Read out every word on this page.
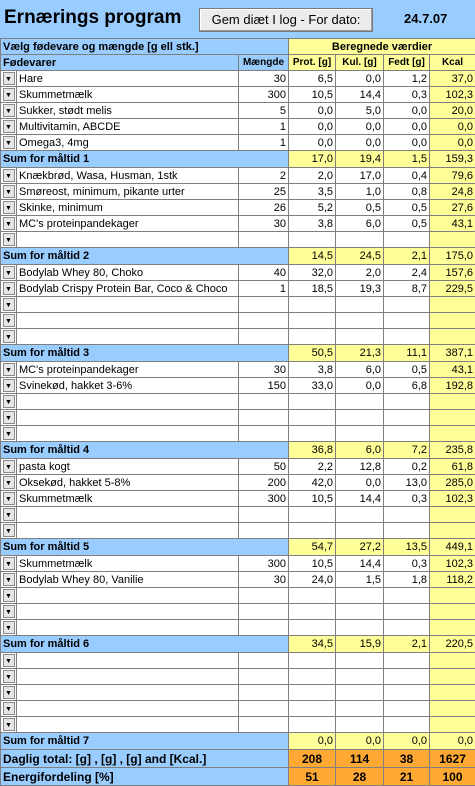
Ernærings program	Gem diæt I log - For dato:	24.7.07
Vælg fødevare og mængde [g ell stk.]			Beregnede værdier			
Fødevarer		Mængde	Prot. [g]	Kul. [g]	Fedt [g]	Kcal

▼	Hare	30	6,5	0,0	1,2	37,0

▼	Skummetmælk	300	10,5	14,4	0,3	102,3

▼	Sukker, stødt melis	5	0,0	5,0	0,0	20,0

▼	Multivitamin, ABCDE	1	0,0	0,0	0,0	0,0

▼	Omega3, 4mg	1	0,0	0,0	0,0	0,0
Sum for måltid 1			17,0	19,4	1,5	159,3

▼	Knækbrød, Wasa, Husman, 1stk	2	2,0	17,0	0,4	79,6

▼	Smøreost, minimum, pikante urter	25	3,5	1,0	0,8	24,8

▼	Skinke, minimum	26	5,2	0,5	0,5	27,6

▼	MC's proteinpandekager	30	3,8	6,0	0,5	43,1

▼						

Sum for måltid 2			14,5	24,5	2,1	175,0

▼	Bodylab Whey 80, Choko	40	32,0	2,0	2,4	157,6

▼	Bodylab Crispy Protein Bar, Coco & Choco	1	18,5	19,3	8,7	229,5

▼						

▼						

▼						

Sum for måltid 3			50,5	21,3	11,1	387,1

▼	MC's proteinpandekager	30	3,8	6,0	0,5	43,1

▼	Svinekød, hakket 3-6%	150	33,0	0,0	6,8	192,8

▼						

▼						

▼						

Sum for måltid 4			36,8	6,0	7,2	235,8

▼	pasta kogt	50	2,2	12,8	0,2	61,8

▼	Oksekød, hakket 5-8%	200	42,0	0,0	13,0	285,0

▼	Skummetmælk	300	10,5	14,4	0,3	102,3

▼						

▼						

Sum for måltid 5			54,7	27,2	13,5	449,1

▼	Skummetmælk	300	10,5	14,4	0,3	102,3

▼	Bodylab Whey 80, Vanilie	30	24,0	1,5	1,8	118,2

▼						

▼						

▼						

Sum for måltid 6			34,5	15,9	2,1	220,5

▼						

▼						

▼						

▼						

▼						

Sum for måltid 7			0,0	0,0	0,0	0,0
Daglig total: [g] , [g] , [g] and [Kcal.]			208	114	38	1627
Energifordeling [%]			51	28	21	100
